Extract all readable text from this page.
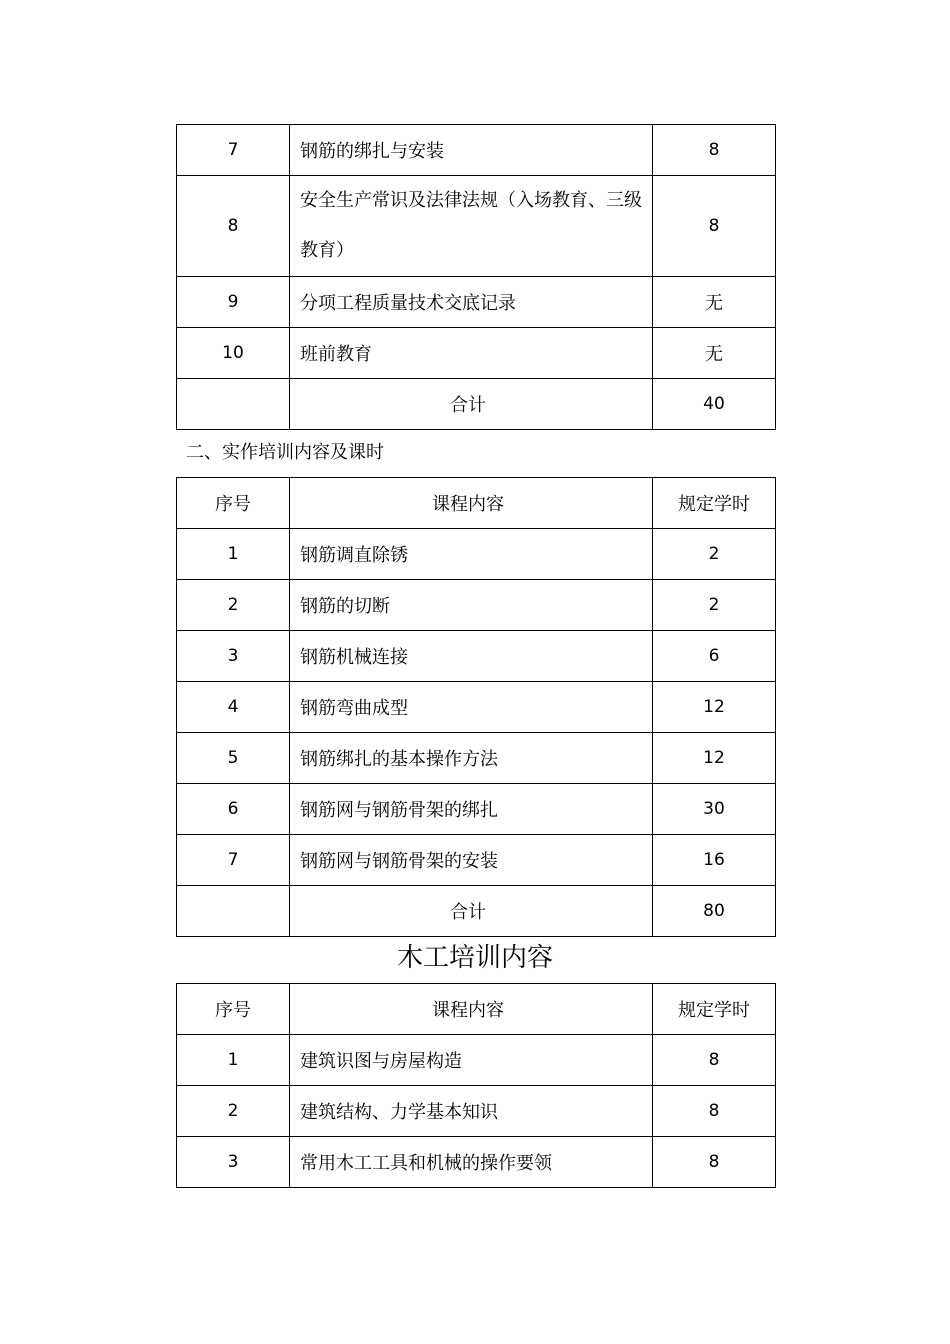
7	钢筋的绑扎与安装	8
8	安全生产常识及法律法规（入场教育、三级教育）	8
9	分项工程质量技术交底记录	无
10	班前教育	无
	合计	40
二、实作培训内容及课时
序号	课程内容	规定学时
1	钢筋调直除锈	2
2	钢筋的切断	2
3	钢筋机械连接	6
4	钢筋弯曲成型	12
5	钢筋绑扎的基本操作方法	12
6	钢筋网与钢筋骨架的绑扎	30
7	钢筋网与钢筋骨架的安装	16
	合计	80
木工培训内容
序号	课程内容	规定学时
1	建筑识图与房屋构造	8
2	建筑结构、力学基本知识	8
3	常用木工工具和机械的操作要领	8
